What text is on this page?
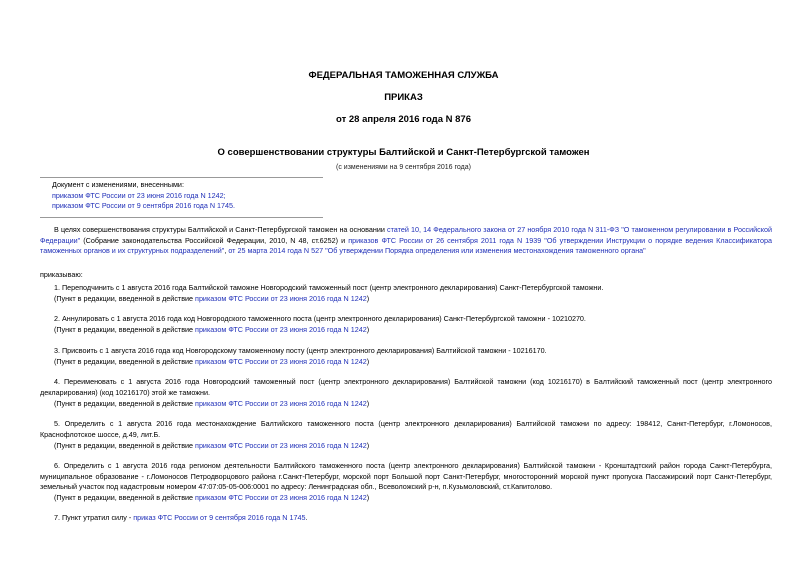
ФЕДЕРАЛЬНАЯ ТАМОЖЕННАЯ СЛУЖБА
ПРИКАЗ
от 28 апреля 2016 года N 876
О совершенствовании структуры Балтийской и Санкт-Петербургской таможен
(с изменениями на 9 сентября 2016 года)
Документ с изменениями, внесенными:
приказом ФТС России от 23 июня 2016 года N 1242;
приказом ФТС России от 9 сентября 2016 года N 1745.
В целях совершенствования структуры Балтийской и Санкт-Петербургской таможен на основании статей 10, 14 Федерального закона от 27 ноября 2010 года N 311-ФЗ "О таможенном регулировании в Российской Федерации" (Собрание законодательства Российской Федерации, 2010, N 48, ст.6252) и приказов ФТС России от 26 сентября 2011 года N 1939 "Об утверждении Инструкции о порядке ведения Классификатора таможенных органов и их структурных подразделений", от 25 марта 2014 года N 527 "Об утверждении Порядка определения или изменения местонахождения таможенного органа"
приказываю:
1. Переподчинить с 1 августа 2016 года Балтийской таможне Новгородский таможенный пост (центр электронного декларирования) Санкт-Петербургской таможни.
(Пункт в редакции, введенной в действие приказом ФТС России от 23 июня 2016 года N 1242)
2. Аннулировать с 1 августа 2016 года код Новгородского таможенного поста (центр электронного декларирования) Санкт-Петербургской таможни - 10210270.
(Пункт в редакции, введенной в действие приказом ФТС России от 23 июня 2016 года N 1242)
3. Присвоить с 1 августа 2016 года код Новгородскому таможенному посту (центр электронного декларирования) Балтийской таможни - 10216170.
(Пункт в редакции, введенной в действие приказом ФТС России от 23 июня 2016 года N 1242)
4. Переименовать с 1 августа 2016 года Новгородский таможенный пост (центр электронного декларирования) Балтийской таможни (код 10216170) в Балтийский таможенный пост (центр электронного декларирования) (код 10216170) этой же таможни.
(Пункт в редакции, введенной в действие приказом ФТС России от 23 июня 2016 года N 1242)
5. Определить с 1 августа 2016 года местонахождение Балтийского таможенного поста (центр электронного декларирования) Балтийской таможни по адресу: 198412, Санкт-Петербург, г.Ломоносов, Краснофлотское шоссе, д.49, лит.Б.
(Пункт в редакции, введенной в действие приказом ФТС России от 23 июня 2016 года N 1242)
6. Определить с 1 августа 2016 года регионом деятельности Балтийского таможенного поста (центр электронного декларирования) Балтийской таможни - Кронштадтский район города Санкт-Петербурга, муниципальное образование - г.Ломоносов Петродворцового района г.Санкт-Петербург, морской порт Большой порт Санкт-Петербург, многосторонний морской пункт пропуска Пассажирский порт Санкт-Петербург, земельный участок под кадастровым номером 47:07:05-05-006:0001 по адресу: Ленинградская обл., Всеволожский р-н, п.Кузьмоловский, ст.Капитолово.
(Пункт в редакции, введенной в действие приказом ФТС России от 23 июня 2016 года N 1242)
7. Пункт утратил силу - приказ ФТС России от 9 сентября 2016 года N 1745.
